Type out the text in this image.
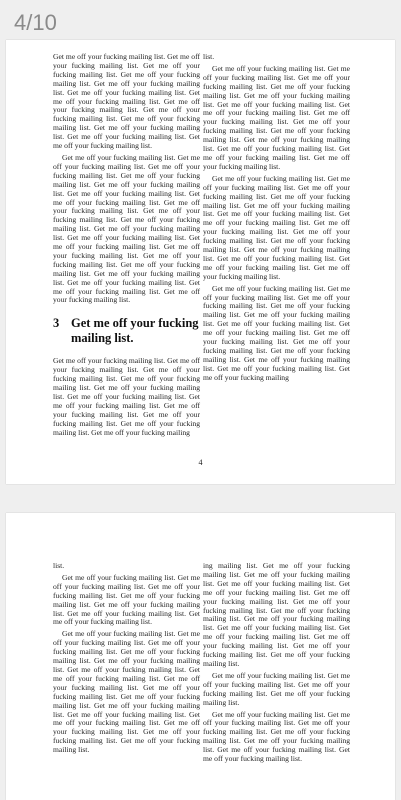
4/10

Get me off your fucking mailing list. Get me off your fucking mailing list. Get me off your fucking mailing list. Get me off your fucking mailing list. Get me off your fucking mailing list. Get me off your fucking mailing list. Get me off your fucking mailing list. Get me off your fucking mailing list. Get me off your fucking mailing list. Get me off your fucking mailing list. Get me off your fucking mailing list. Get me off your fucking mailing list. Get me off your fucking mailing list.

Get me off your fucking mailing list. Get me off your fucking mailing list. Get me off your fucking mailing list. Get me off your fucking mailing list. Get me off your fucking mailing list. Get me off your fucking mailing list. Get me off your fucking mailing list. Get me off your fucking mailing list. Get me off your fucking mailing list. Get me off your fucking mailing list. Get me off your fucking mailing list. Get me off your fucking mailing list. Get me off your fucking mailing list. Get me off your fucking mailing list. Get me off your fucking mailing list. Get me off your fucking mailing list. Get me off your fucking mailing list. Get me off your fucking mailing list. Get me off your fucking mailing list. Get me off your fucking mailing list.

3 Get me off your fucking mailing list.

Get me off your fucking mailing list. Get me off your fucking mailing list. Get me off your fucking mailing list. Get me off your fucking mailing list. Get me off your fucking mailing list. Get me off your fucking mailing list. Get me off your fucking mailing list. Get me off your fucking mailing list. Get me off your fucking mailing list. Get me off your fucking mailing list. Get me off your fucking mailing

list.

Get me off your fucking mailing list. Get me off your fucking mailing list. Get me off your fucking mailing list. Get me off your fucking mailing list. Get me off your fucking mailing list. Get me off your fucking mailing list. Get me off your fucking mailing list. Get me off your fucking mailing list. Get me off your fucking mailing list. Get me off your fucking mailing list. Get me off your fucking mailing list. Get me off your fucking mailing list. Get me off your fucking mailing list. Get me off your fucking mailing list.

Get me off your fucking mailing list. Get me off your fucking mailing list. Get me off your fucking mailing list. Get me off your fucking mailing list. Get me off your fucking mailing list. Get me off your fucking mailing list. Get me off your fucking mailing list. Get me off your fucking mailing list. Get me off your fucking mailing list. Get me off your fucking mailing list. Get me off your fucking mailing list. Get me off your fucking mailing list. Get me off your fucking mailing list. Get me off your fucking mailing list.

Get me off your fucking mailing list. Get me off your fucking mailing list. Get me off your fucking mailing list. Get me off your fucking mailing list. Get me off your fucking mailing list. Get me off your fucking mailing list. Get me off your fucking mailing list. Get me off your fucking mailing list. Get me off your fucking mailing list. Get me off your fucking mailing list. Get me off your fucking mailing list. Get me off your fucking mailing list. Get me off your fucking mailing

4

list.

Get me off your fucking mailing list. Get me off your fucking mailing list. Get me off your fucking mailing list. Get me off your fucking mailing list. Get me off your fucking mailing list. Get me off your fucking mailing list. Get me off your fucking mailing list.

Get me off your fucking mailing list. Get me off your fucking mailing list. Get me off your fucking mailing list. Get me off your fucking mailing list. Get me off your fucking mailing list. Get me off your fucking mailing list. Get me off your fucking mailing list. Get me off your fucking mailing list. Get me off your fucking mailing list. Get me off your fucking mailing list. Get me off your fucking mailing list. Get me off your fucking mailing list. Get me off your fucking mailing list. Get me off your fucking mailing list. Get me off your fucking mailing list. Get me off your fucking mailing list.

ing mailing list. Get me off your fucking mailing list. Get me off your fucking mailing list. Get me off your fucking mailing list. Get me off your fucking mailing list. Get me off your fucking mailing list. Get me off your fucking mailing list. Get me off your fucking mailing list. Get me off your fucking mailing list. Get me off your fucking mailing list. Get me off your fucking mailing list. Get me off your fucking mailing list. Get me off your fucking mailing list. Get me off your fucking mailing list.

Get me off your fucking mailing list. Get me off your fucking mailing list. Get me off your fucking mailing list. Get me off your fucking mailing list.

Get me off your fucking mailing list. Get me off your fucking mailing list. Get me off your fucking mailing list. Get me off your fucking mailing list. Get me off your fucking mailing list. Get me off your fucking mailing list. Get me off your fucking mailing list.
